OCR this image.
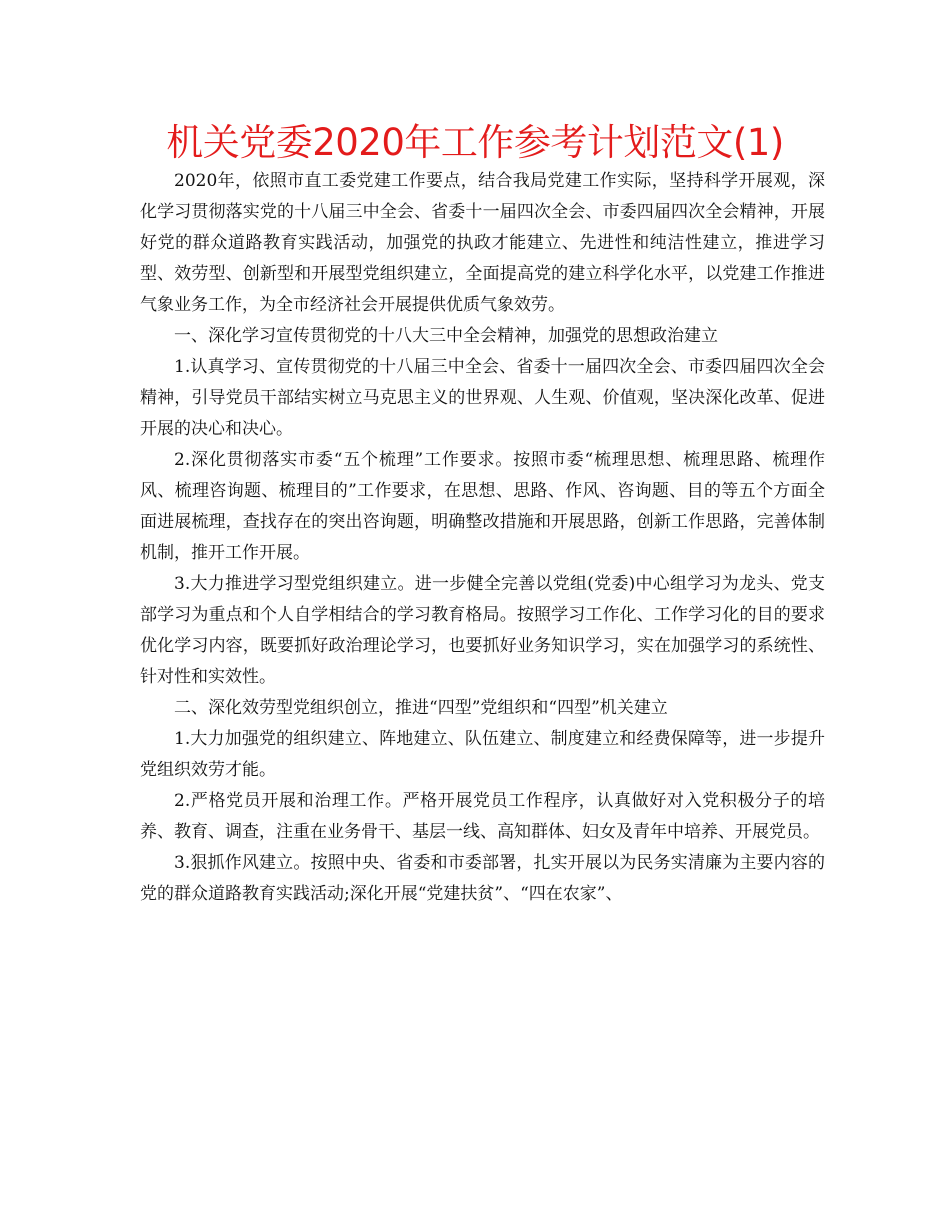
机关党委2020年工作参考计划范文(1)

2020年，依照市直工委党建工作要点，结合我局党建工作实际，坚持科学开展观，深化学习贯彻落实党的十八届三中全会、省委十一届四次全会、市委四届四次全会精神，开展好党的群众道路教育实践活动，加强党的执政才能建立、先进性和纯洁性建立，推进学习型、效劳型、创新型和开展型党组织建立，全面提高党的建立科学化水平，以党建工作推进气象业务工作，为全市经济社会开展提供优质气象效劳。

一、深化学习宣传贯彻党的十八大三中全会精神，加强党的思想政治建立

1.认真学习、宣传贯彻党的十八届三中全会、省委十一届四次全会、市委四届四次全会精神，引导党员干部结实树立马克思主义的世界观、人生观、价值观，坚决深化改革、促进开展的决心和决心。

2.深化贯彻落实市委“五个梳理”工作要求。按照市委“梳理思想、梳理思路、梳理作风、梳理咨询题、梳理目的”工作要求，在思想、思路、作风、咨询题、目的等五个方面全面进展梳理，查找存在的突出咨询题，明确整改措施和开展思路，创新工作思路，完善体制机制，推开工作开展。

3.大力推进学习型党组织建立。进一步健全完善以党组(党委)中心组学习为龙头、党支部学习为重点和个人自学相结合的学习教育格局。按照学习工作化、工作学习化的目的要求优化学习内容，既要抓好政治理论学习，也要抓好业务知识学习，实在加强学习的系统性、针对性和实效性。

二、深化效劳型党组织创立，推进“四型”党组织和“四型”机关建立

1.大力加强党的组织建立、阵地建立、队伍建立、制度建立和经费保障等，进一步提升党组织效劳才能。

2.严格党员开展和治理工作。严格开展党员工作程序，认真做好对入党积极分子的培养、教育、调查，注重在业务骨干、基层一线、高知群体、妇女及青年中培养、开展党员。

3.狠抓作风建立。按照中央、省委和市委部署，扎实开展以为民务实清廉为主要内容的党的群众道路教育实践活动;深化开展“党建扶贫”、“四在农家”、
